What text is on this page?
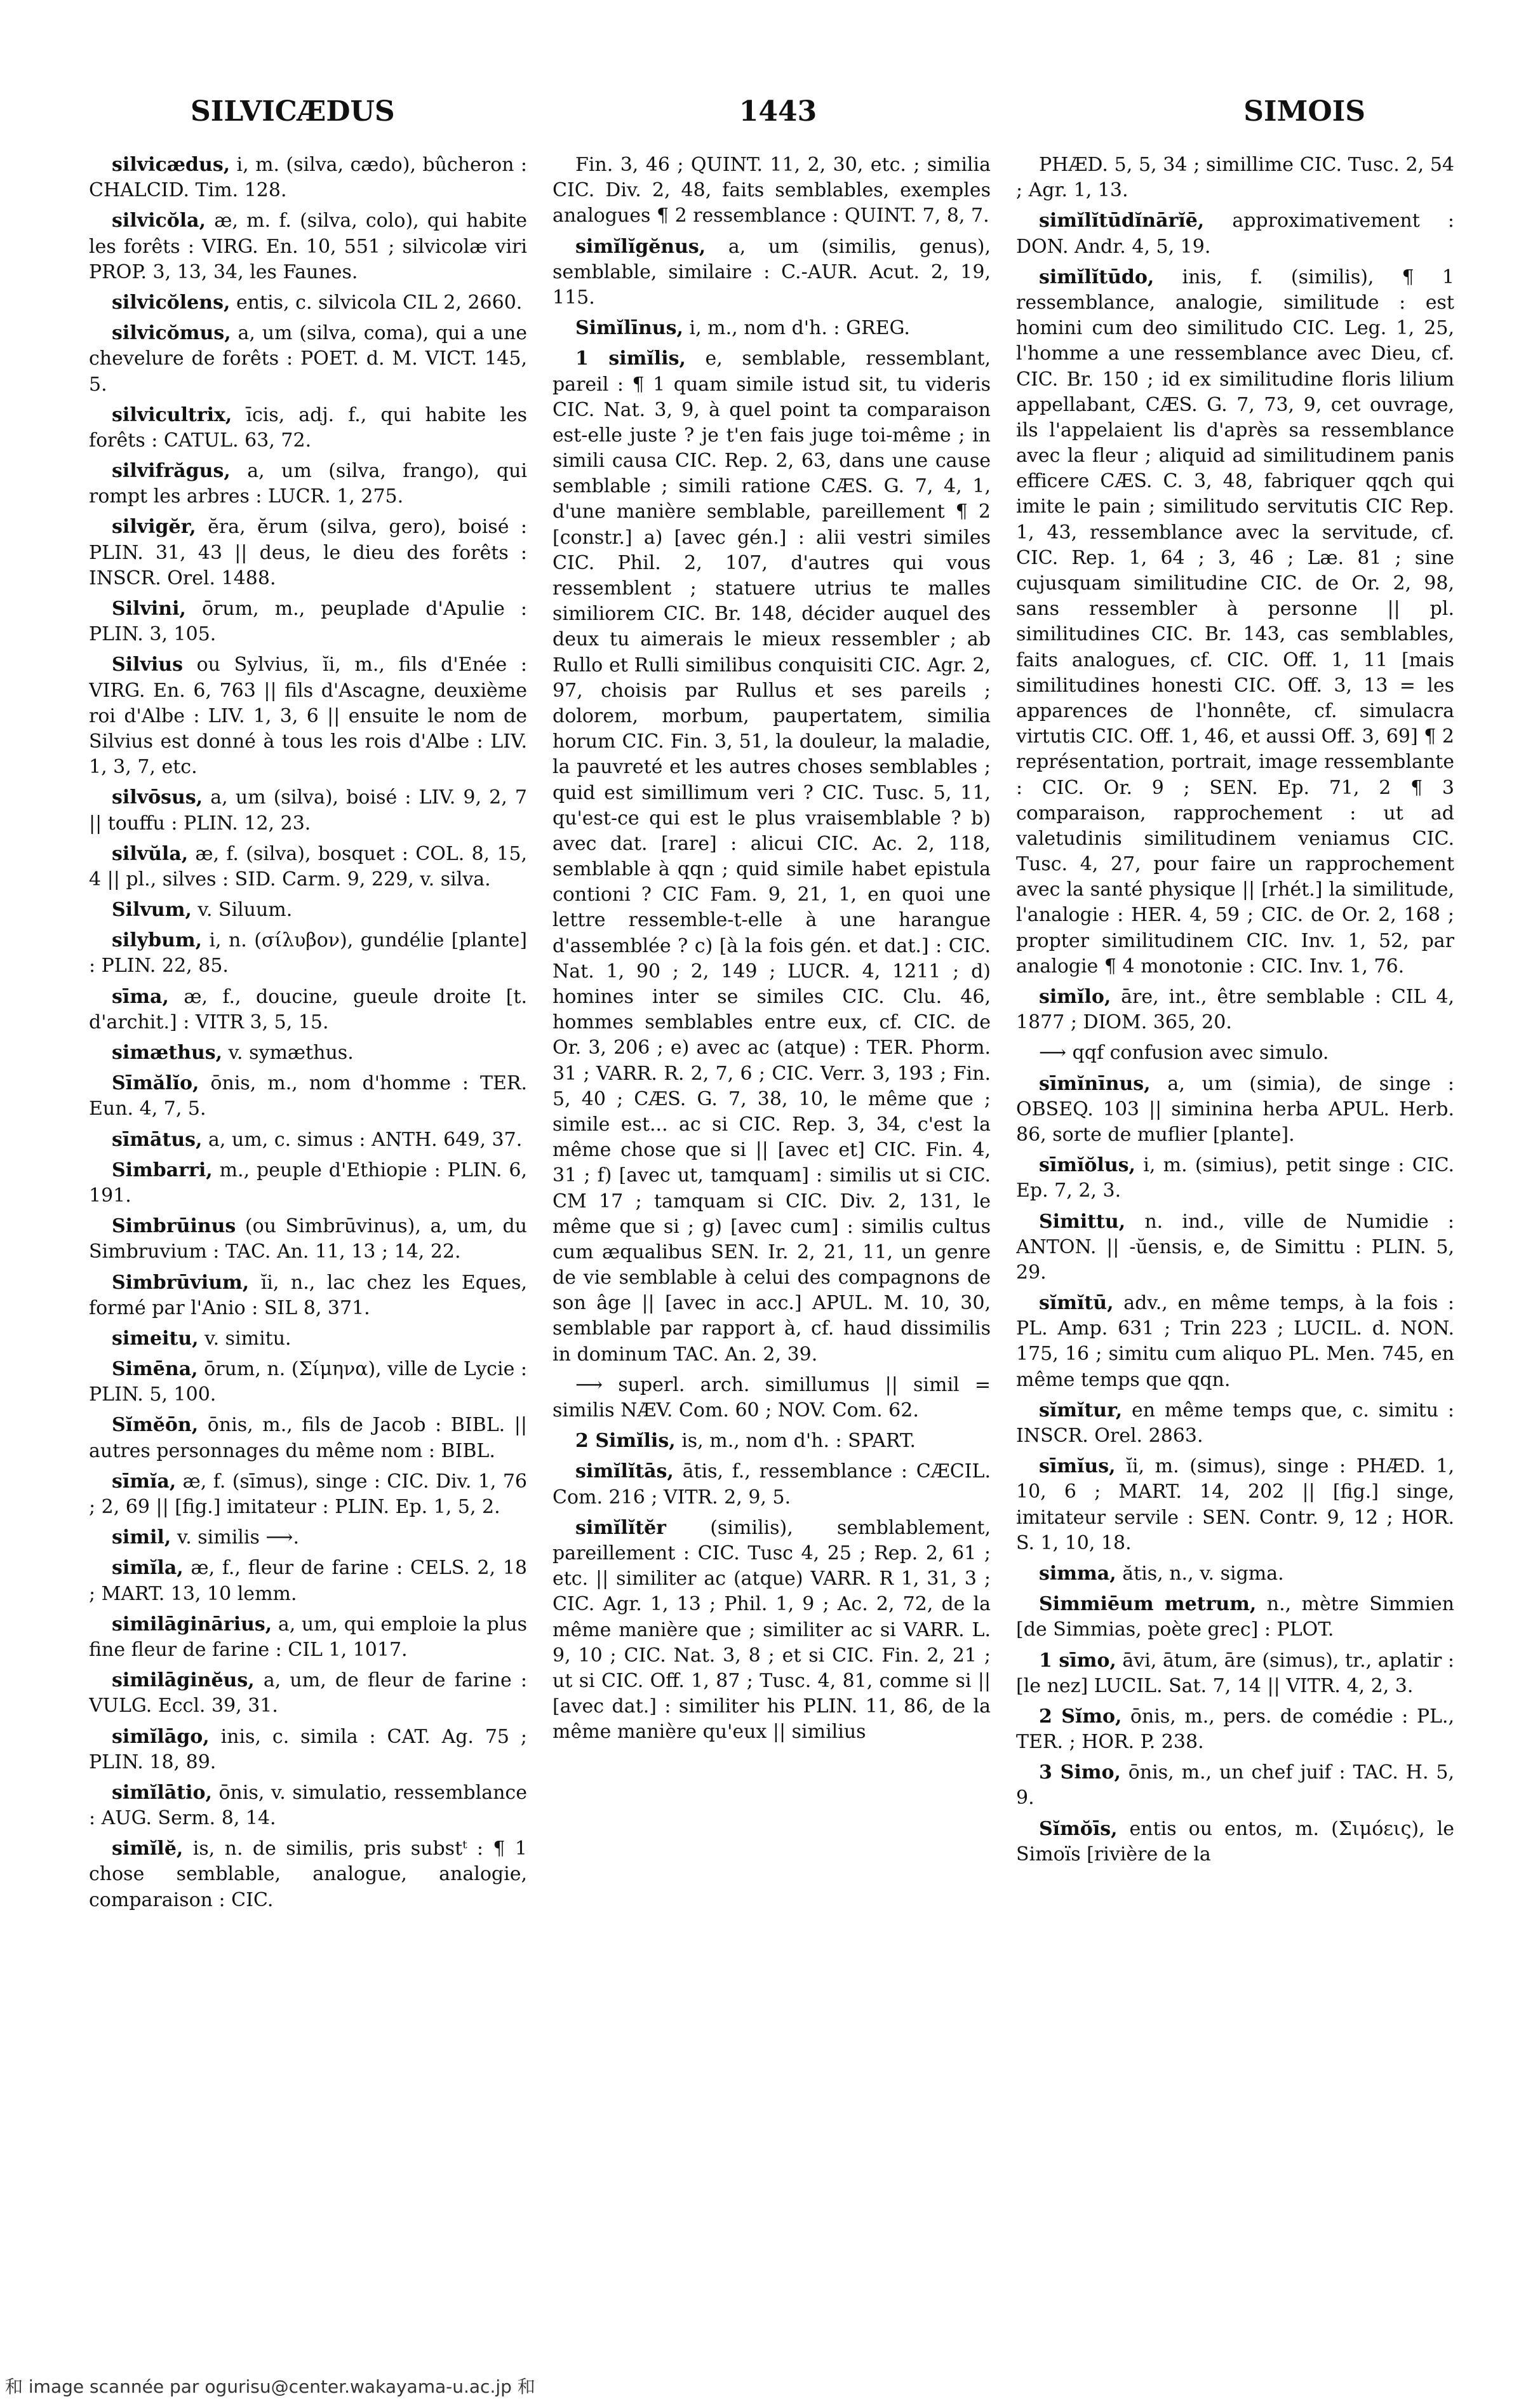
SILVICÆDUS	1443	SIMOIS

silvicædus, i, m. (silva, cædo), bûcheron : CHALCID. Tim. 128.

silvicŏla, æ, m. f. (silva, colo), qui habite les forêts : VIRG. En. 10, 551 ; silvicolæ viri PROP. 3, 13, 34, les Faunes.

silvicŏlens, entis, c. silvicola CIL 2, 2660.

silvicŏmus, a, um (silva, coma), qui a une chevelure de forêts : POET. d. M. VICT. 145, 5.

silvicultrix, īcis, adj. f., qui habite les forêts : CATUL. 63, 72.

silvifrăgus, a, um (silva, frango), qui rompt les arbres : LUCR. 1, 275.

silvigĕr, ĕra, ĕrum (silva, gero), boisé : PLIN. 31, 43 || deus, le dieu des forêts : INSCR. Orel. 1488.

Silvini, ōrum, m., peuplade d'Apulie : PLIN. 3, 105.

Silvius ou Sylvius, ĭi, m., fils d'Enée : VIRG. En. 6, 763 || fils d'Ascagne, deuxième roi d'Albe : LIV. 1, 3, 6 || ensuite le nom de Silvius est donné à tous les rois d'Albe : LIV. 1, 3, 7, etc.

silvōsus, a, um (silva), boisé : LIV. 9, 2, 7 || touffu : PLIN. 12, 23.

silvŭla, æ, f. (silva), bosquet : COL. 8, 15, 4 || pl., silves : SID. Carm. 9, 229, v. silva.

Silvum, v. Siluum.

silybum, i, n. (σίλυβον), gundélie [plante] : PLIN. 22, 85.

sīma, æ, f., doucine, gueule droite [t. d'archit.] : VITR 3, 5, 15.

simæthus, v. symæthus.

Sīmălĭo, ōnis, m., nom d'homme : TER. Eun. 4, 7, 5.

sīmātus, a, um, c. simus : ANTH. 649, 37.

Simbarri, m., peuple d'Ethiopie : PLIN. 6, 191.

Simbrūinus (ou Simbrūvinus), a, um, du Simbruvium : TAC. An. 11, 13 ; 14, 22.

Simbrūvium, ĭi, n., lac chez les Eques, formé par l'Anio : SIL 8, 371.

simeitu, v. simitu.

Simēna, ōrum, n. (Σίμηνα), ville de Lycie : PLIN. 5, 100.

Sĭmĕōn, ōnis, m., fils de Jacob : BIBL. || autres personnages du même nom : BIBL.

sīmĭa, æ, f. (sīmus), singe : CIC. Div. 1, 76 ; 2, 69 || [fig.] imitateur : PLIN. Ep. 1, 5, 2.

simil, v. similis ⟶.

simĭla, æ, f., fleur de farine : CELS. 2, 18 ; MART. 13, 10 lemm.

similāginārius, a, um, qui emploie la plus fine fleur de farine : CIL 1, 1017.

similāginĕus, a, um, de fleur de farine : VULG. Eccl. 39, 31.

simĭlāgo, inis, c. simila : CAT. Ag. 75 ; PLIN. 18, 89.

simĭlātio, ōnis, v. simulatio, ressemblance : AUG. Serm. 8, 14.

simĭlĕ, is, n. de similis, pris substᵗ : ¶ 1 chose semblable, analogue, analogie, comparaison : CIC.

Fin. 3, 46 ; QUINT. 11, 2, 30, etc. ; similia CIC. Div. 2, 48, faits semblables, exemples analogues ¶ 2 ressemblance : QUINT. 7, 8, 7.

simĭlĭgĕnus, a, um (similis, genus), semblable, similaire : C.-AUR. Acut. 2, 19, 115.

Simĭlīnus, i, m., nom d'h. : GREG.

1 simĭlis, e, semblable, ressemblant, pareil : ¶ 1 quam simile istud sit, tu videris CIC. Nat. 3, 9, à quel point ta comparaison est-elle juste ? je t'en fais juge toi-même ; in simili causa CIC. Rep. 2, 63, dans une cause semblable ; simili ratione CÆS. G. 7, 4, 1, d'une manière semblable, pareillement ¶ 2 [constr.] a) [avec gén.] : alii vestri similes CIC. Phil. 2, 107, d'autres qui vous ressemblent ; statuere utrius te malles similiorem CIC. Br. 148, décider auquel des deux tu aimerais le mieux ressembler ; ab Rullo et Rulli similibus conquisiti CIC. Agr. 2, 97, choisis par Rullus et ses pareils ; dolorem, morbum, paupertatem, similia horum CIC. Fin. 3, 51, la douleur, la maladie, la pauvreté et les autres choses semblables ; quid est simillimum veri ? CIC. Tusc. 5, 11, qu'est-ce qui est le plus vraisemblable ? b) avec dat. [rare] : alicui CIC. Ac. 2, 118, semblable à qqn ; quid simile habet epistula contioni ? CIC Fam. 9, 21, 1, en quoi une lettre ressemble-t-elle à une harangue d'assemblée ? c) [à la fois gén. et dat.] : CIC. Nat. 1, 90 ; 2, 149 ; LUCR. 4, 1211 ; d) homines inter se similes CIC. Clu. 46, hommes semblables entre eux, cf. CIC. de Or. 3, 206 ; e) avec ac (atque) : TER. Phorm. 31 ; VARR. R. 2, 7, 6 ; CIC. Verr. 3, 193 ; Fin. 5, 40 ; CÆS. G. 7, 38, 10, le même que ; simile est... ac si CIC. Rep. 3, 34, c'est la même chose que si || [avec et] CIC. Fin. 4, 31 ; f) [avec ut, tamquam] : similis ut si CIC. CM 17 ; tamquam si CIC. Div. 2, 131, le même que si ; g) [avec cum] : similis cultus cum æqualibus SEN. Ir. 2, 21, 11, un genre de vie semblable à celui des compagnons de son âge || [avec in acc.] APUL. M. 10, 30, semblable par rapport à, cf. haud dissimilis in dominum TAC. An. 2, 39.

⟶ superl. arch. simillumus || simil = similis NÆV. Com. 60 ; NOV. Com. 62.

2 Simĭlis, is, m., nom d'h. : SPART.

simĭlĭtās, ātis, f., ressemblance : CÆCIL. Com. 216 ; VITR. 2, 9, 5.

simĭlĭtĕr (similis), semblablement, pareillement : CIC. Tusc 4, 25 ; Rep. 2, 61 ; etc. || similiter ac (atque) VARR. R 1, 31, 3 ; CIC. Agr. 1, 13 ; Phil. 1, 9 ; Ac. 2, 72, de la même manière que ; similiter ac si VARR. L. 9, 10 ; CIC. Nat. 3, 8 ; et si CIC. Fin. 2, 21 ; ut si CIC. Off. 1, 87 ; Tusc. 4, 81, comme si || [avec dat.] : similiter his PLIN. 11, 86, de la même manière qu'eux || similius

PHÆD. 5, 5, 34 ; simillime CIC. Tusc. 2, 54 ; Agr. 1, 13.

simĭlĭtūdĭnārĭē, approximativement : DON. Andr. 4, 5, 19.

simĭlĭtūdo, inis, f. (similis), ¶ 1 ressemblance, analogie, similitude : est homini cum deo similitudo CIC. Leg. 1, 25, l'homme a une ressemblance avec Dieu, cf. CIC. Br. 150 ; id ex similitudine floris lilium appellabant, CÆS. G. 7, 73, 9, cet ouvrage, ils l'appelaient lis d'après sa ressemblance avec la fleur ; aliquid ad similitudinem panis efficere CÆS. C. 3, 48, fabriquer qqch qui imite le pain ; similitudo servitutis CIC Rep. 1, 43, ressemblance avec la servitude, cf. CIC. Rep. 1, 64 ; 3, 46 ; Læ. 81 ; sine cujusquam similitudine CIC. de Or. 2, 98, sans ressembler à personne || pl. similitudines CIC. Br. 143, cas semblables, faits analogues, cf. CIC. Off. 1, 11 [mais similitudines honesti CIC. Off. 3, 13 = les apparences de l'honnête, cf. simulacra virtutis CIC. Off. 1, 46, et aussi Off. 3, 69] ¶ 2 représentation, portrait, image ressemblante : CIC. Or. 9 ; SEN. Ep. 71, 2 ¶ 3 comparaison, rapprochement : ut ad valetudinis similitudinem veniamus CIC. Tusc. 4, 27, pour faire un rapprochement avec la santé physique || [rhét.] la similitude, l'analogie : HER. 4, 59 ; CIC. de Or. 2, 168 ; propter similitudinem CIC. Inv. 1, 52, par analogie ¶ 4 monotonie : CIC. Inv. 1, 76.

simĭlo, āre, int., être semblable : CIL 4, 1877 ; DIOM. 365, 20.

⟶ qqf confusion avec simulo.

sīmĭnīnus, a, um (simia), de singe : OBSEQ. 103 || siminina herba APUL. Herb. 86, sorte de muflier [plante].

sīmĭŏlus, i, m. (simius), petit singe : CIC. Ep. 7, 2, 3.

Simittu, n. ind., ville de Numidie : ANTON. || -ŭensis, e, de Simittu : PLIN. 5, 29.

sĭmĭtū, adv., en même temps, à la fois : PL. Amp. 631 ; Trin 223 ; LUCIL. d. NON. 175, 16 ; simitu cum aliquo PL. Men. 745, en même temps que qqn.

sĭmĭtur, en même temps que, c. simitu : INSCR. Orel. 2863.

sīmĭus, ĭi, m. (simus), singe : PHÆD. 1, 10, 6 ; MART. 14, 202 || [fig.] singe, imitateur servile : SEN. Contr. 9, 12 ; HOR. S. 1, 10, 18.

simma, ătis, n., v. sigma.

Simmiēum metrum, n., mètre Simmien [de Simmias, poète grec] : PLOT.

1 sīmo, āvi, ātum, āre (simus), tr., aplatir : [le nez] LUCIL. Sat. 7, 14 || VITR. 4, 2, 3.

2 Sĭmo, ōnis, m., pers. de comédie : PL., TER. ; HOR. P. 238.

3 Simo, ōnis, m., un chef juif : TAC. H. 5, 9.

Sĭmŏīs, entis ou entos, m. (Σιμόεις), le Simoïs [rivière de la

和 image scannée par ogurisu@center.wakayama-u.ac.jp 和
